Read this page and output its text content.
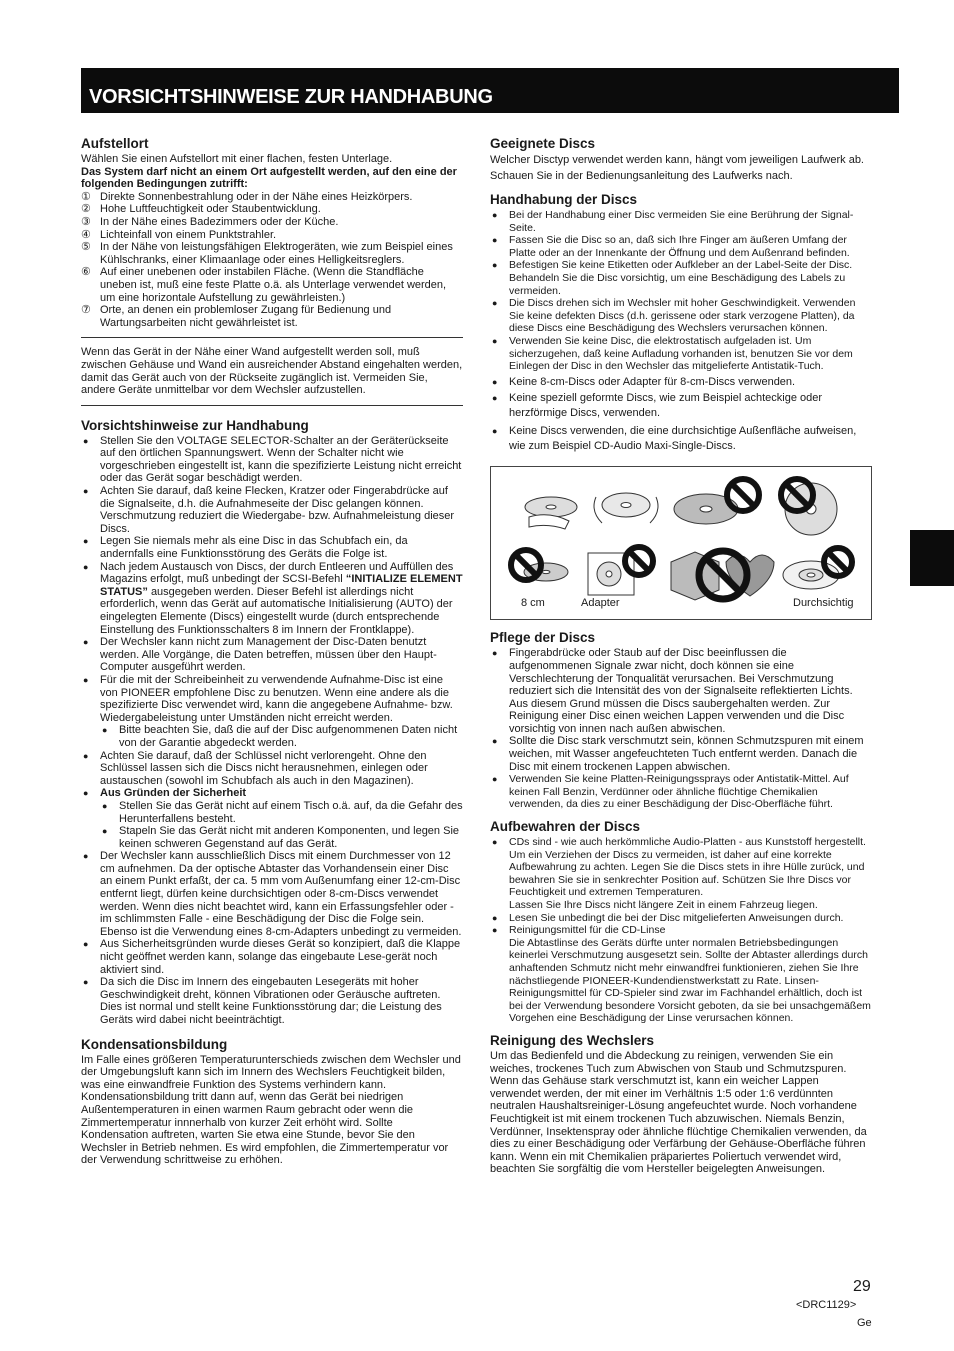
VORSICHTSHINWEISE ZUR HANDHABUNG
Aufstellort

Wählen Sie einen Aufstellort mit einer flachen, festen Unterlage.

Das System darf nicht an einem Ort aufgestellt werden, auf den eine der folgenden Bedingungen zutrifft:

① Direkte Sonnenbestrahlung oder in der Nähe eines Heizkörpers.
② Hohe Luftfeuchtigkeit oder Staubentwicklung.
③ In der Nähe eines Badezimmers oder der Küche.
④ Lichteinfall von einem Punktstrahler.
⑤ In der Nähe von leistungsfähigen Elektrogeräten, wie zum Beispiel eines Kühlschranks, einer Klimaanlage oder eines Helligkeitsreglers.
⑥ Auf einer unebenen oder instabilen Fläche. (Wenn die Standfläche uneben ist, muß eine feste Platte o.ä. als Unterlage verwendet werden, um eine horizontale Aufstellung zu gewährleisten.)
⑦ Orte, an denen ein problemloser Zugang für Bedienung und Wartungsarbeiten nicht gewährleistet ist.

Wenn das Gerät in der Nähe einer Wand aufgestellt werden soll, muß zwischen Gehäuse und Wand ein ausreichender Abstand eingehalten werden, damit das Gerät auch von der Rückseite zugänglich ist. Vermeiden Sie, andere Geräte unmittelbar vor dem Wechsler aufzustellen.

Vorsichtshinweise zur Handhabung
● Stellen Sie den VOLTAGE SELECTOR-Schalter an der Geräterückseite auf den örtlichen Spannungswert. Wenn der Schalter nicht wie vorgeschrieben eingestellt ist, kann die spezifizierte Leistung nicht erreicht oder das Gerät sogar beschädigt werden.
● Achten Sie darauf, daß keine Flecken, Kratzer oder Fingerabdrücke auf die Signalseite, d.h. die Aufnahmeseite der Disc gelangen können. Verschmutzung reduziert die Wiedergabe- bzw. Aufnahmeleistung dieser Discs.
● Legen Sie niemals mehr als eine Disc in das Schubfach ein, da andernfalls eine Funktionsstörung des Geräts die Folge ist.
● Nach jedem Austausch von Discs, der durch Entleeren und Auffüllen des Magazins erfolgt, muß unbedingt der SCSI-Befehl “INITIALIZE ELEMENT STATUS” ausgegeben werden. Dieser Befehl ist allerdings nicht erforderlich, wenn das Gerät auf automatische Initialisierung (AUTO) der eingelegten Elemente (Discs) eingestellt wurde (durch entsprechende Einstellung des Funktionsschalters 8 im Innern der Frontklappe).
● Der Wechsler kann nicht zum Management der Disc-Daten benutzt werden. Alle Vorgänge, die Daten betreffen, müssen über den Haupt-Computer ausgeführt werden.
● Für die mit der Schreibeinheit zu verwendende Aufnahme-Disc ist eine von PIONEER empfohlene Disc zu benutzen. Wenn eine andere als die spezifizierte Disc verwendet wird, kann die angegebene Aufnahme- bzw. Wiedergabeleistung unter Umständen nicht erreicht werden.
● Bitte beachten Sie, daß die auf der Disc aufgenommenen Daten nicht von der Garantie abgedeckt werden.
● Achten Sie darauf, daß der Schlüssel nicht verlorengeht. Ohne den Schlüssel lassen sich die Discs nicht herausnehmen, einlegen oder austauschen (sowohl im Schubfach als auch in den Magazinen).
● Aus Gründen der Sicherheit
● Stellen Sie das Gerät nicht auf einem Tisch o.ä. auf, da die Gefahr des Herunterfallens besteht.
● Stapeln Sie das Gerät nicht mit anderen Komponenten, und legen Sie keinen schweren Gegenstand auf das Gerät.
● Der Wechsler kann ausschließlich Discs mit einem Durchmesser von 12 cm aufnehmen. Da der optische Abtaster das Vorhandensein einer Disc an einem Punkt erfaßt, der ca. 5 mm vom Außenumfang einer 12-cm-Disc entfernt liegt, dürfen keine durchsichtigen oder 8-cm-Discs verwendet werden. Wenn dies nicht beachtet wird, kann ein Erfassungsfehler oder - im schlimmsten Falle - eine Beschädigung der Disc die Folge sein. Ebenso ist die Verwendung eines 8-cm-Adapters unbedingt zu vermeiden.
● Aus Sicherheitsgründen wurde dieses Gerät so konzipiert, daß die Klappe nicht geöffnet werden kann, solange das eingebaute Lese-gerät noch aktiviert sind.
● Da sich die Disc im Innern des eingebauten Lesegeräts mit hoher Geschwindigkeit dreht, können Vibrationen oder Geräusche auftreten. Dies ist normal und stellt keine Funktionsstörung dar; die Leistung des Geräts wird dabei nicht beeinträchtigt.
Kondensationsbildung

Im Falle eines größeren Temperaturunterschieds zwischen dem Wechsler und der Umgebungsluft kann sich im Innern des Wechslers Feuchtigkeit bilden, was eine einwandfreie Funktion des Systems verhindern kann. Kondensationsbildung tritt dann auf, wenn das Gerät bei niedrigen Außentemperaturen in einen warmen Raum gebracht oder wenn die Zimmertemperatur innnerhalb von kurzer Zeit erhöht wird. Sollte Kondensation auftreten, warten Sie etwa eine Stunde, bevor Sie den Wechsler in Betrieb nehmen. Es wird empfohlen, die Zimmertemperatur vor der Verwendung schrittweise zu erhöhen.

Geeignete Discs

Welcher Disctyp verwendet werden kann, hängt vom jeweiligen Laufwerk ab. Schauen Sie in der Bedienungsanleitung des Laufwerks nach.

Handhabung der Discs
● Bei der Handhabung einer Disc vermeiden Sie eine Berührung der Signal-Seite.
● Fassen Sie die Disc so an, daß sich Ihre Finger am äußeren Umfang der Platte oder an der Innenkante der Öffnung und dem Außenrand befinden.
● Befestigen Sie keine Etiketten oder Aufkleber an der Label-Seite der Disc. Behandeln Sie die Disc vorsichtig, um eine Beschädigung des Labels zu vermeiden.
● Die Discs drehen sich im Wechsler mit hoher Geschwindigkeit. Verwenden Sie keine defekten Discs (d.h. gerissene oder stark verzogene Platten), da diese Discs eine Beschädigung des Wechslers verursachen können.
● Verwenden Sie keine Disc, die elektrostatisch aufgeladen ist. Um sicherzugehen, daß keine Aufladung vorhanden ist, benutzen Sie vor dem Einlegen der Disc in den Wechsler das mitgelieferte Antistatik-Tuch.
● Keine 8-cm-Discs oder Adapter für 8-cm-Discs verwenden.
● Keine speziell geformte Discs, wie zum Beispiel achteckige oder herzförmige Discs, verwenden.
● Keine Discs verwenden, die eine durchsichtige Außenfläche aufweisen, wie zum Beispiel CD-Audio Maxi-Single-Discs.
8 cm	Adapter	Durchsichtig
Pflege der Discs
● Fingerabdrücke oder Staub auf der Disc beeinflussen die aufgenommenen Signale zwar nicht, doch können sie eine Verschlechterung der Tonqualität verursachen. Bei Verschmutzung reduziert sich die Intensität des von der Signalseite reflektierten Lichts.
Aus diesem Grund müssen die Discs saubergehalten werden. Zur Reinigung einer Disc einen weichen Lappen verwenden und die Disc vorsichtig von innen nach außen abwischen.
● Sollte die Disc stark verschmutzt sein, können Schmutzspuren mit einem weichen, mit Wasser angefeuchteten Tuch entfernt werden. Danach die Disc mit einem trockenen Lappen abwischen.
● Verwenden Sie keine Platten-Reinigungssprays oder Antistatik-Mittel. Auf keinen Fall Benzin, Verdünner oder ähnliche flüchtige Chemikalien verwenden, da dies zu einer Beschädigung der Disc-Oberfläche führt.
Aufbewahren der Discs
● CDs sind - wie auch herkömmliche Audio-Platten - aus Kunststoff hergestellt. Um ein Verziehen der Discs zu vermeiden, ist daher auf eine korrekte Aufbewahrung zu achten. Legen Sie die Discs stets in ihre Hülle zurück, und bewahren Sie sie in senkrechter Position auf. Schützen Sie Ihre Discs vor Feuchtigkeit und extremen Temperaturen.
Lassen Sie Ihre Discs nicht längere Zeit in einem Fahrzeug liegen.
● Lesen Sie unbedingt die bei der Disc mitgelieferten Anweisungen durch.
● Reinigungsmittel für die CD-Linse
Die Abtastlinse des Geräts dürfte unter normalen Betriebsbedingungen keinerlei Verschmutzung ausgesetzt sein. Sollte der Abtaster allerdings durch anhaftenden Schmutz nicht mehr einwandfrei funktionieren, ziehen Sie Ihre nächstliegende PIONEER-Kundendienstwerkstatt zu Rate. Linsen-Reinigungsmittel für CD-Spieler sind zwar im Fachhandel erhältlich, doch ist bei der Verwendung besondere Vorsicht geboten, da sie bei unsachgemäßem Vorgehen eine Beschädigung der Linse verursachen können.
Reinigung des Wechslers

Um das Bedienfeld und die Abdeckung zu reinigen, verwenden Sie ein weiches, trockenes Tuch zum Abwischen von Staub und Schmutzspuren. Wenn das Gehäuse stark verschmutzt ist, kann ein weicher Lappen verwendet werden, der mit einer im Verhältnis 1:5 oder 1:6 verdünnten neutralen Haushaltsreiniger-Lösung angefeuchtet wurde. Noch vorhandene Feuchtigkeit ist mit einem trockenen Tuch abzuwischen. Niemals Benzin, Verdünner, Insektenspray oder ähnliche flüchtige Chemikalien verwenden, da dies zu einer Beschädigung oder Verfärbung der Gehäuse-Oberfläche führen kann. Wenn ein mit Chemikalien präpariertes Poliertuch verwendet wird, beachten Sie sorgfältig die vom Hersteller beigelegten Anweisungen.

29
<DRC1129>
Ge
